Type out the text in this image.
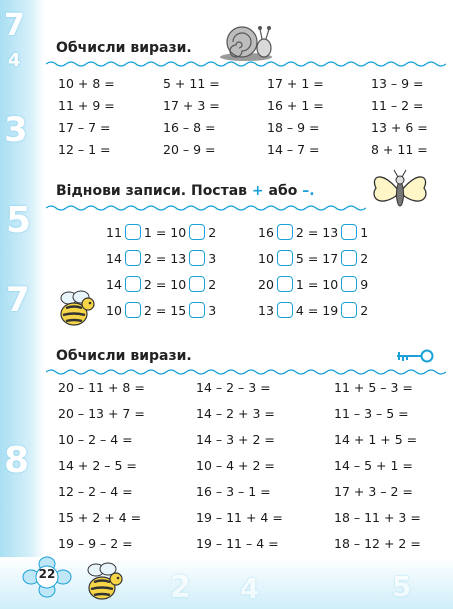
7
4
3
5
7
8
2 4	5
Обчисли вирази.
10 + 8 =	5 + 11 =	17 + 1 =	13 – 9 =
11 + 9 =	17 + 3 =	16 + 1 =	11 – 2 =
17 – 7 =	16 – 8 =	18 – 9 =	13 + 6 =
12 – 1 =	20 – 9 =	14 – 7 =	8 + 11 =
Віднови записи. Постав + або –.
11 1 = 10 2	16 2 = 13 1
14 2 = 13 3	10 5 = 17 2
14 2 = 10 2	20 1 = 10 9
10 2 = 15 3	13 4 = 19 2
Обчисли вирази.
20 – 11 + 8 =	14 – 2 – 3 =	11 + 5 – 3 =
20 – 13 + 7 =	14 – 2 + 3 =	11 – 3 – 5 =
10 – 2 – 4 =	14 – 3 + 2 =	14 + 1 + 5 =
14 + 2 – 5 =	10 – 4 + 2 =	14 – 5 + 1 =
12 – 2 – 4 =	16 – 3 – 1 =	17 + 3 – 2 =
15 + 2 + 4 =	19 – 11 + 4 =	18 – 11 + 3 =
19 – 9 – 2 =	19 – 11 – 4 =	18 – 12 + 2 =
22
